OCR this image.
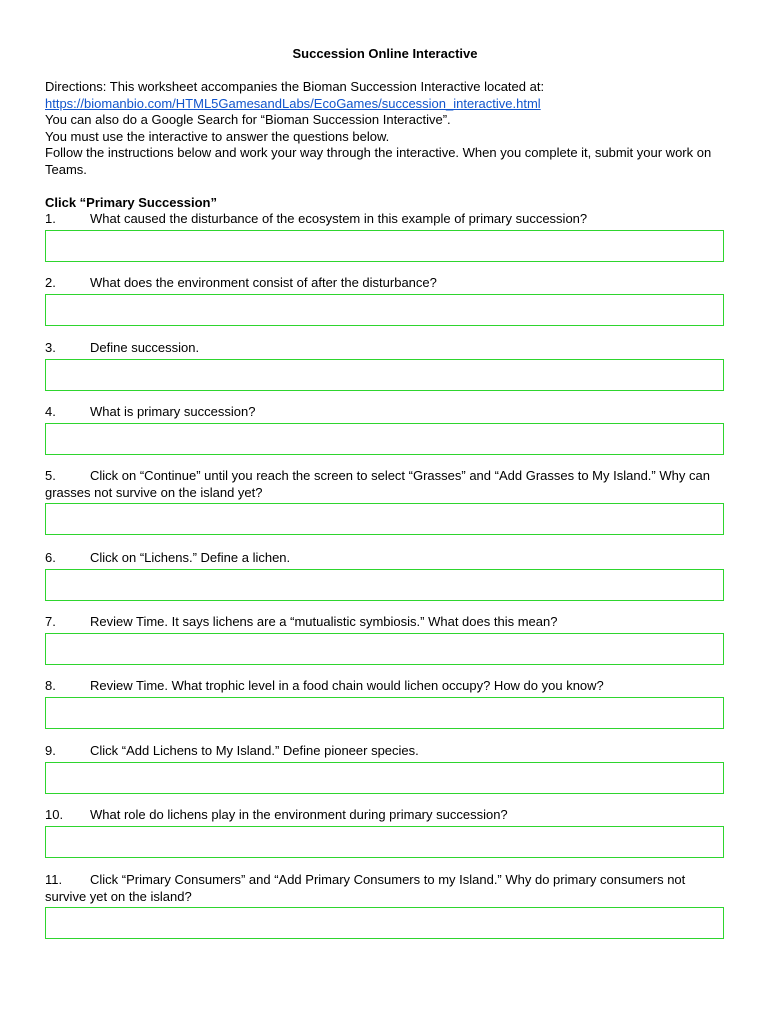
Succession Online Interactive

Directions: This worksheet accompanies the Bioman Succession Interactive located at:

https://biomanbio.com/HTML5GamesandLabs/EcoGames/succession_interactive.html

You can also do a Google Search for “Bioman Succession Interactive”.

You must use the interactive to answer the questions below.

Follow the instructions below and work your way through the interactive. When you complete it, submit your work on Teams.

Click “Primary Succession”

1.	What caused the disturbance of the ecosystem in this example of primary succession?

2.	What does the environment consist of after the disturbance?

3.	Define succession.

4.	What is primary succession?

5.	Click on “Continue” until you reach the screen to select “Grasses” and “Add Grasses to My Island.” Why can grasses not survive on the island yet?

6.	Click on “Lichens.” Define a lichen.

7.	Review Time. It says lichens are a “mutualistic symbiosis.” What does this mean?

8.	Review Time. What trophic level in a food chain would lichen occupy? How do you know?

9.	Click “Add Lichens to My Island.” Define pioneer species.

10. What role do lichens play in the environment during primary succession?

11. Click “Primary Consumers” and “Add Primary Consumers to my Island.” Why do primary consumers not survive yet on the island?
